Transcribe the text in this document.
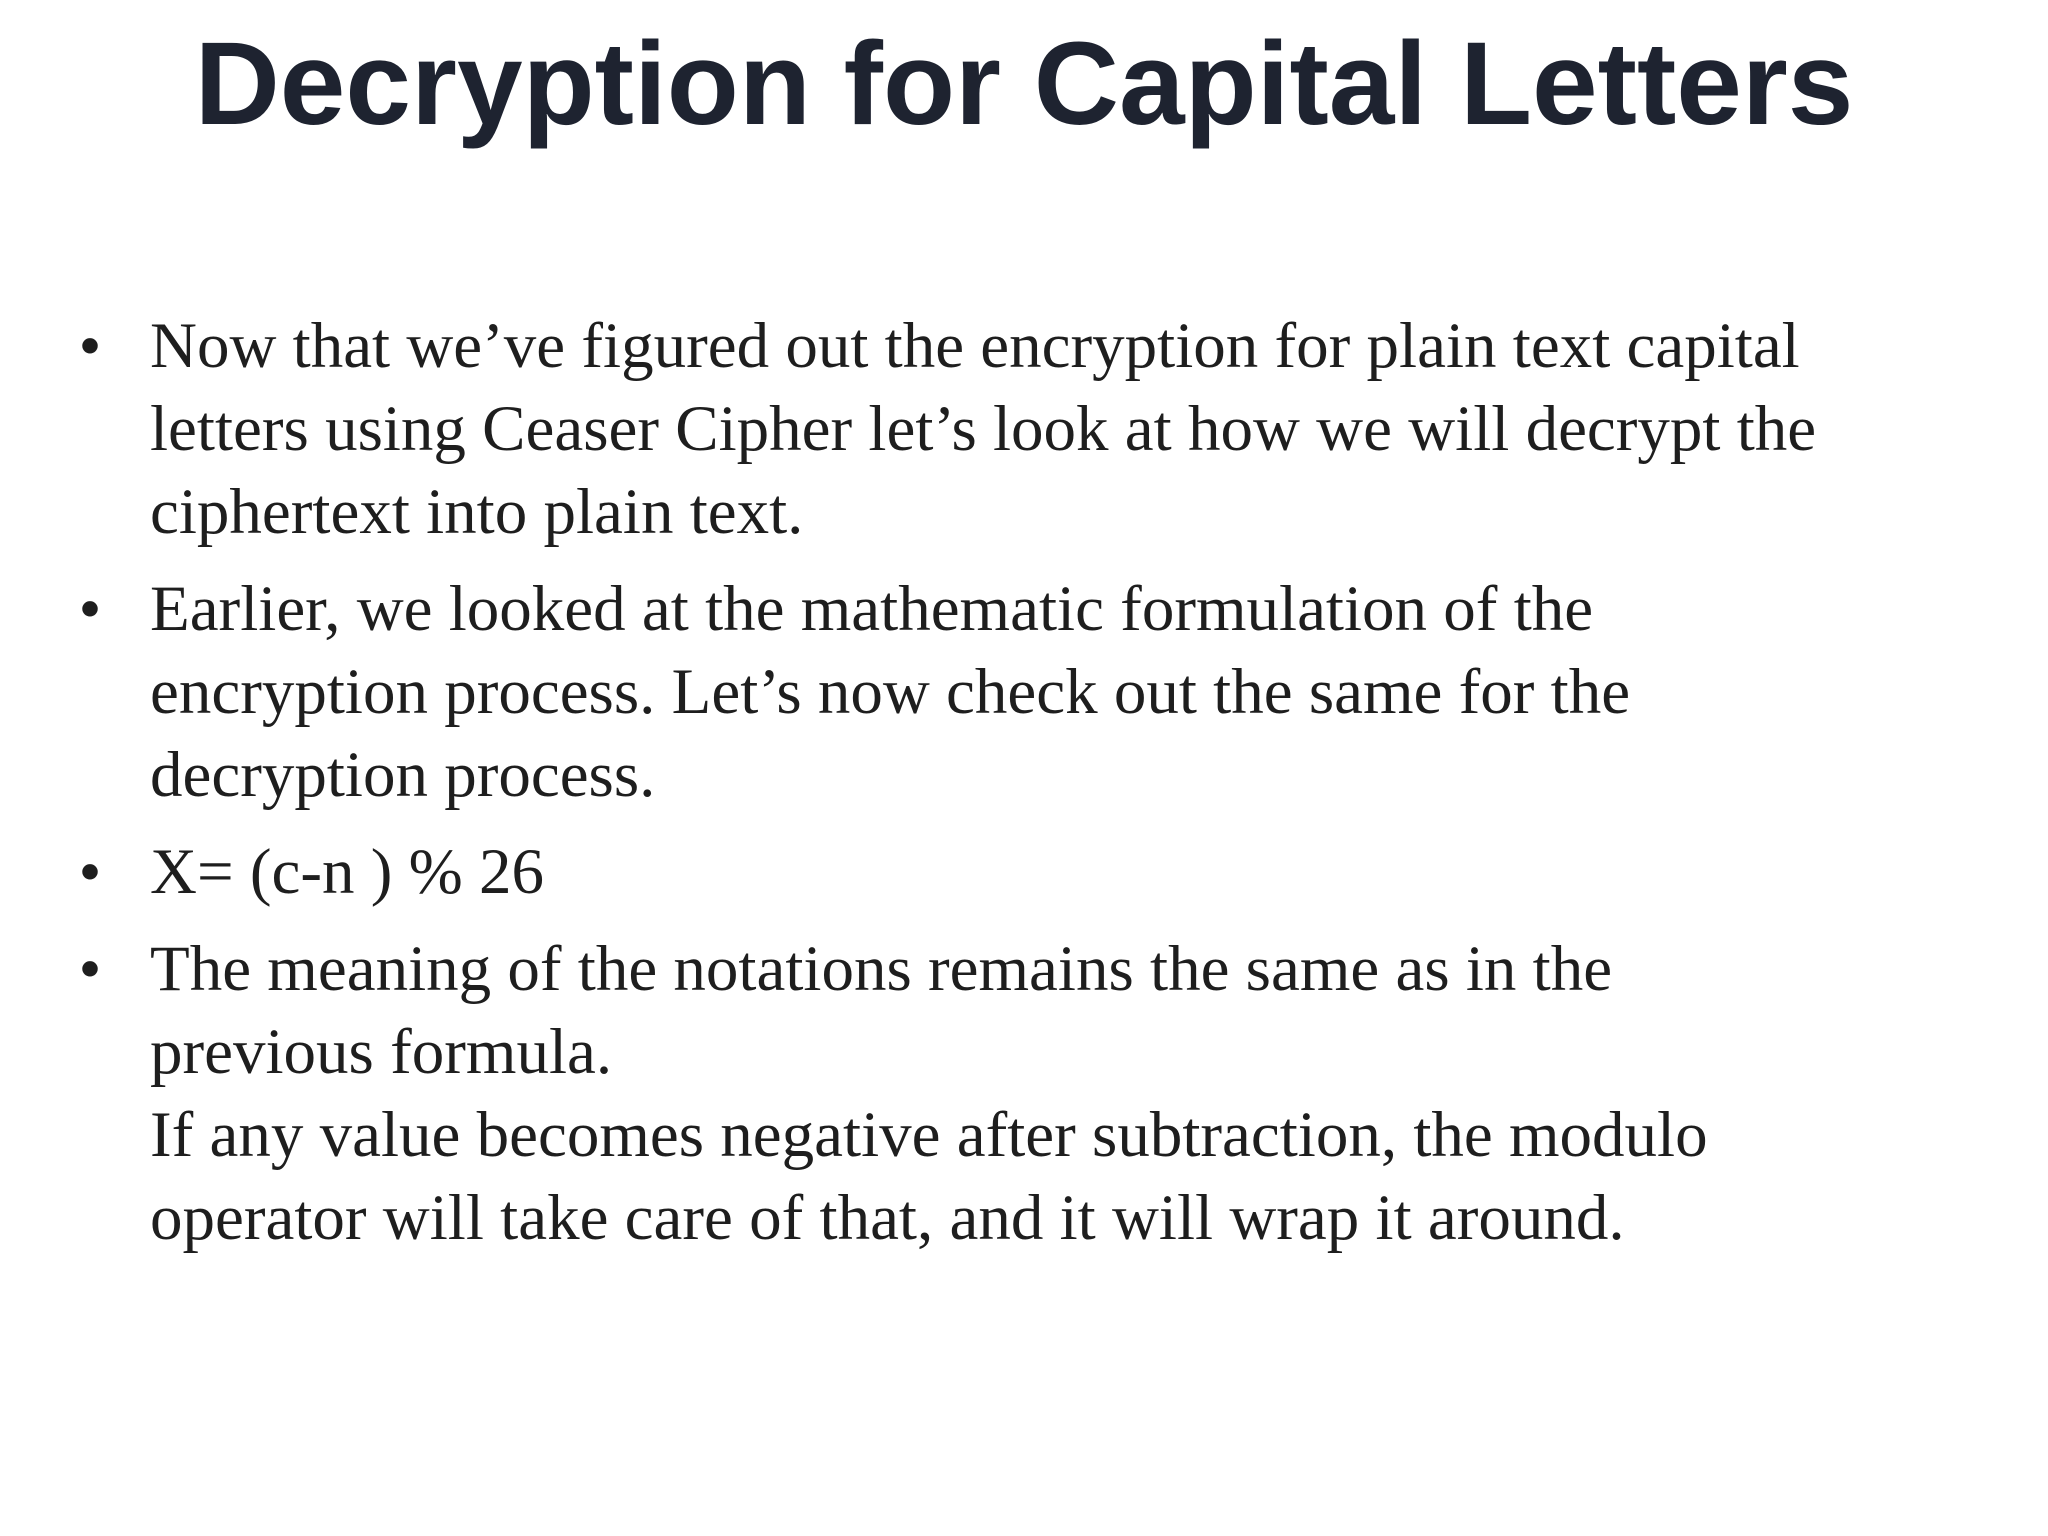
Decryption for Capital Letters
• Now that we’ve figured out the encryption for plain text capital
letters using Ceaser Cipher let’s look at how we will decrypt the
ciphertext into plain text.
• Earlier, we looked at the mathematic formulation of the
encryption process. Let’s now check out the same for the
decryption process.
• X= (c-n ) % 26
• The meaning of the notations remains the same as in the
previous formula.
If any value becomes negative after subtraction, the modulo
operator will take care of that, and it will wrap it around.
